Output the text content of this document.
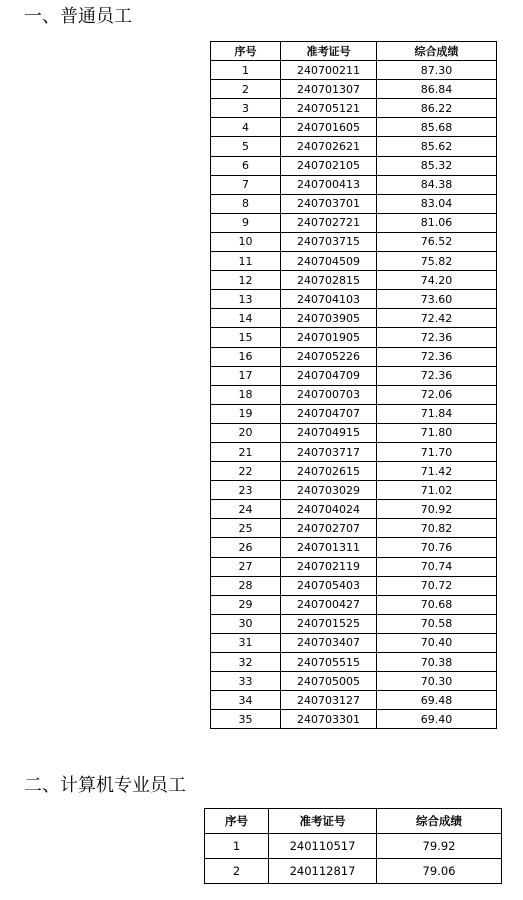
一、普通员工
序号	准考证号	综合成绩
1	240700211	87.30
2	240701307	86.84
3	240705121	86.22
4	240701605	85.68
5	240702621	85.62
6	240702105	85.32
7	240700413	84.38
8	240703701	83.04
9	240702721	81.06
10	240703715	76.52
11	240704509	75.82
12	240702815	74.20
13	240704103	73.60
14	240703905	72.42
15	240701905	72.36
16	240705226	72.36
17	240704709	72.36
18	240700703	72.06
19	240704707	71.84
20	240704915	71.80
21	240703717	71.70
22	240702615	71.42
23	240703029	71.02
24	240704024	70.92
25	240702707	70.82
26	240701311	70.76
27	240702119	70.74
28	240705403	70.72
29	240700427	70.68
30	240701525	70.58
31	240703407	70.40
32	240705515	70.38
33	240705005	70.30
34	240703127	69.48
35	240703301	69.40
二、计算机专业员工
序号	准考证号	综合成绩
1	240110517	79.92
2	240112817	79.06
